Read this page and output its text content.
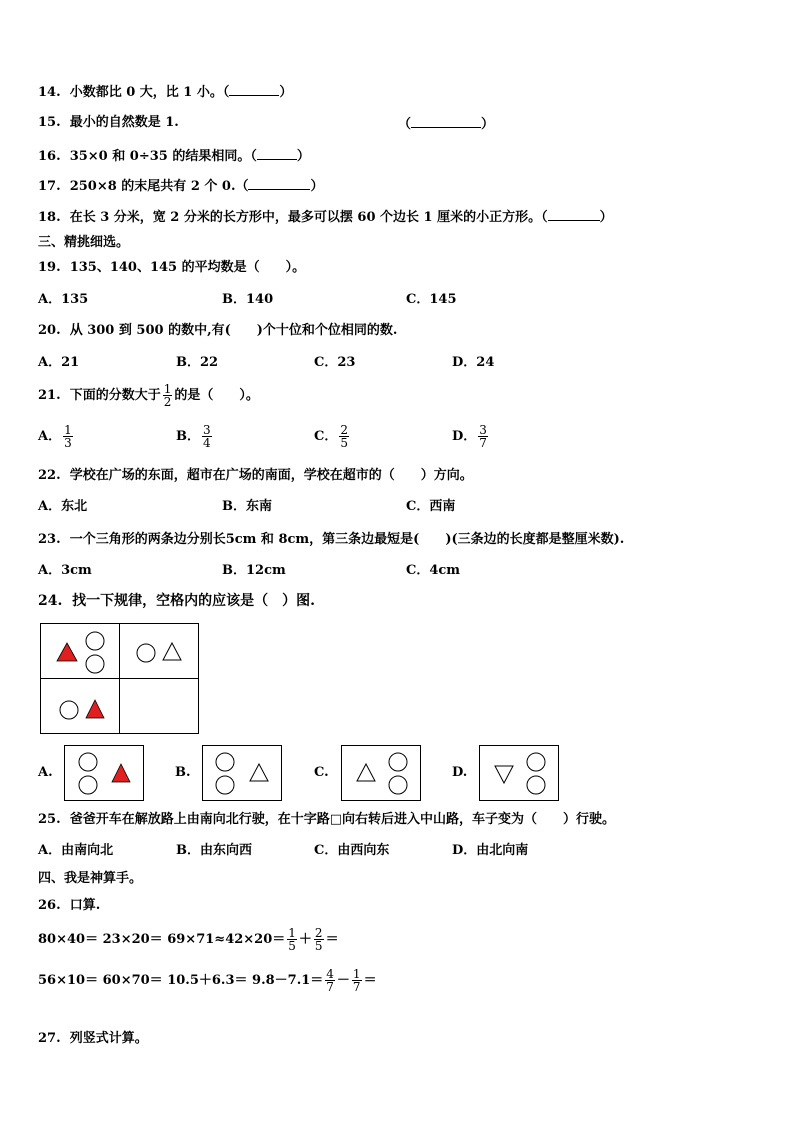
14. 小数都比 0 大，比 1 小。（	）
15. 最小的自然数是 1.	（	）
16. 35×0 和 0÷35 的结果相同。（	）
17. 250×8 的末尾共有 2 个 0.（	）
18. 在长 3 分米，宽 2 分米的长方形中，最多可以摆 60 个边长 1 厘米的小正方形。（	）
三、精挑细选。
19. 135、140、145 的平均数是（　　）。
A．135	B．140	C．145
20. 从 300 到 500 的数中,有(　　)个十位和个位相同的数.
A．21	B．22	C．23	D．24
21. 下面的分数大于 $\frac{1}{2}$ 的是（　　）。
A． $\frac{1}{3}$	B． $\frac{3}{4}$	C． $\frac{2}{5}$	D． $\frac{3}{7}$
22. 学校在广场的东面，超市在广场的南面，学校在超市的（　　）方向。
A．东北	B．东南	C．西南
23. 一个三角形的两条边分别长5cm 和 8cm，第三条边最短是(　　)(三条边的长度都是整厘米数).
A．3cm	B．12cm	C．4cm
24. 找一下规律，空格内的应该是（　）图.
A.	B.	C.	D.
25. 爸爸开车在解放路上由南向北行驶，在十字路□向右转后进入中山路，车子变为（　　）行驶。
A．由南向北	B．由东向西	C．由西向东	D．由北向南
四、我是神算手。
26. 口算.
$80\times 40= 23\times 20= 69\times 71\approx 42\times 20= \frac{1}{5} + \frac{2}{5}$ ＝
$56\times 10= 60\times 70= 10.5+6.3= 9.8-7.1= \frac{4}{7} - \frac{1}{7}$ ＝
27. 列竖式计算。
